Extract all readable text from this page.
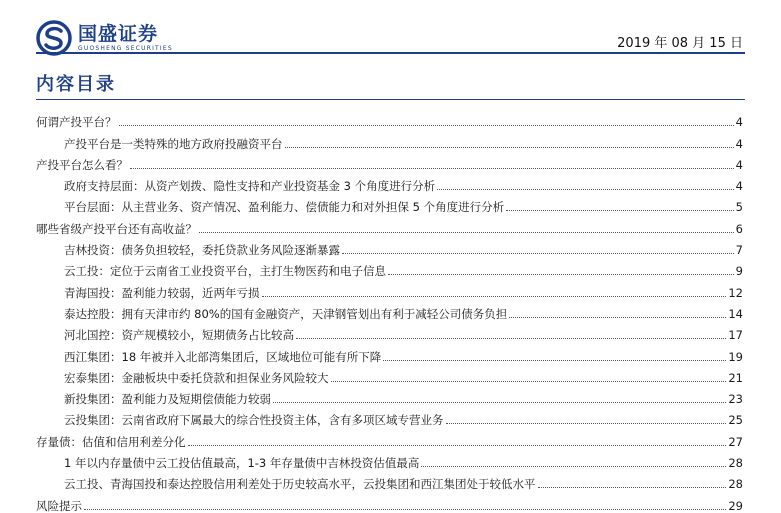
国盛证券
GUOSHENG SECURITIES	2019 年 08 月 15 日
内容目录
何谓产投平台？	4
产投平台是一类特殊的地方政府投融资平台	4
产投平台怎么看？	4
政府支持层面：从资产划拨、隐性支持和产业投资基金 3 个角度进行分析	4
平台层面：从主营业务、资产情况、盈利能力、偿债能力和对外担保 5 个角度进行分析	5
哪些省级产投平台还有高收益？	6
吉林投资：债务负担较轻，委托贷款业务风险逐渐暴露	7
云工投：定位于云南省工业投资平台，主打生物医药和电子信息	9
青海国投：盈利能力较弱，近两年亏损	12
泰达控股：拥有天津市约 80%的国有金融资产，天津钢管划出有利于减轻公司债务负担	14
河北国控：资产规模较小，短期债务占比较高	17
西江集团：18 年被并入北部湾集团后，区域地位可能有所下降	19
宏泰集团：金融板块中委托贷款和担保业务风险较大	21
新投集团：盈利能力及短期偿债能力较弱	23
云投集团：云南省政府下属最大的综合性投资主体，含有多项区域专营业务	25
存量债：估值和信用利差分化	27
1 年以内存量债中云工投估值最高，1-3 年存量债中吉林投资估值最高	28
云工投、青海国投和泰达控股信用利差处于历史较高水平，云投集团和西江集团处于较低水平	28
风险提示	29
